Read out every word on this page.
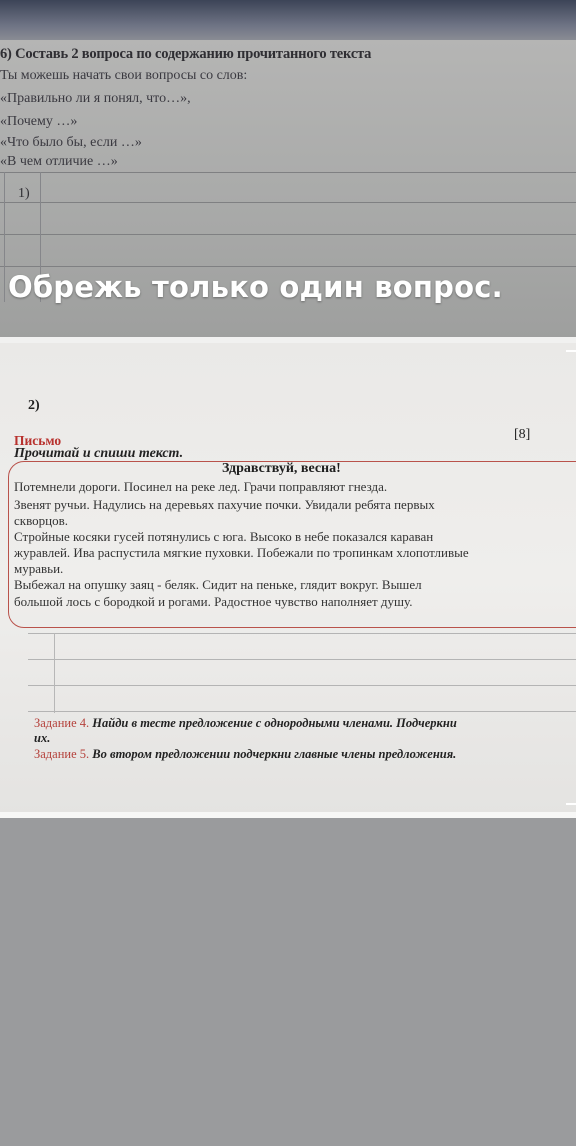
6) Составь 2 вопроса по содержанию прочитанного текста
Ты можешь начать свои вопросы со слов:
«Правильно ли я понял, что…»,
«Почему …»
«Что было бы, если …»
«В чем отличие …»
1)
Обрежь только один вопрос.
2)
Письмо	[8]
Прочитай и спиши текст.
Здравствуй, весна!
Потемнели дороги. Посинел на реке лед. Грачи поправляют гнезда.
Звенят ручьи. Надулись на деревьях пахучие почки. Увидали ребята первых
скворцов.
Стройные косяки гусей потянулись с юга. Высоко в небе показался караван
журавлей. Ива распустила мягкие пуховки. Побежали по тропинкам хлопотливые
муравьи.
Выбежал на опушку заяц - беляк. Сидит на пеньке, глядит вокруг. Вышел
большой лось с бородкой и рогами. Радостное чувство наполняет душу.
Задание 4. Найди в тесте предложение с однородными членами. Подчеркни
их.
Задание 5. Во втором предложении подчеркни главные члены предложения.
